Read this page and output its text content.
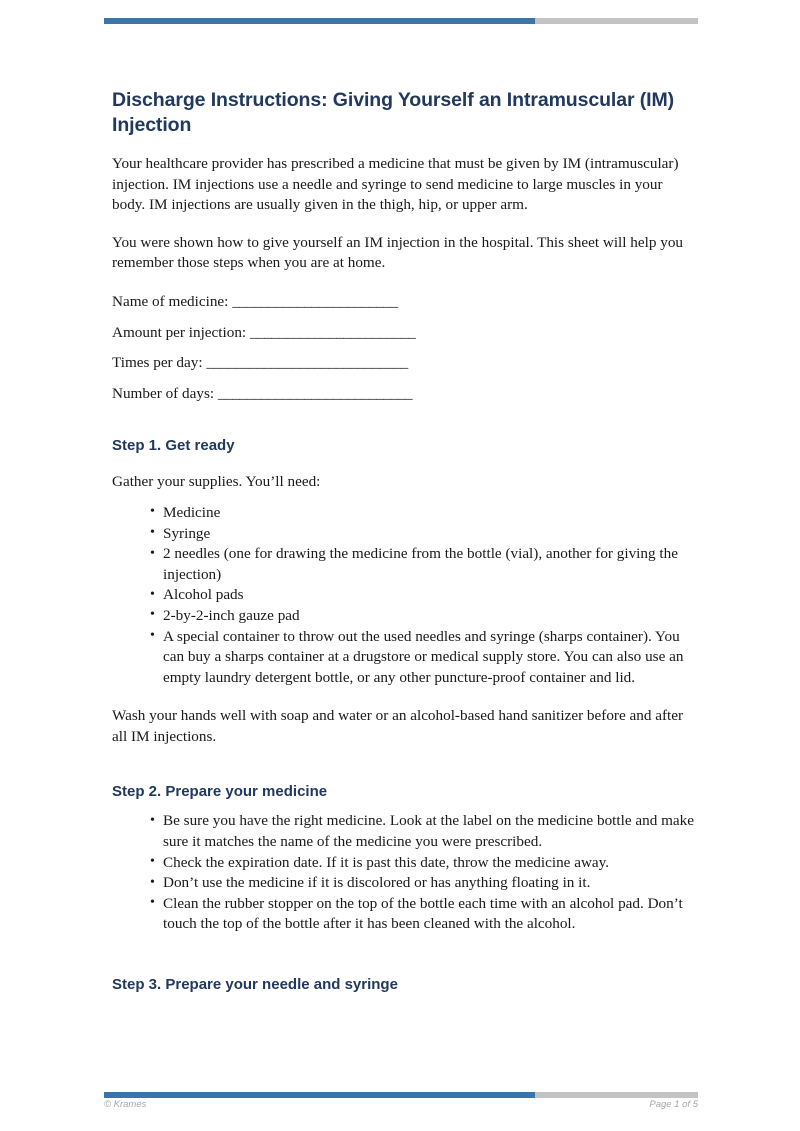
Discharge Instructions: Giving Yourself an Intramuscular (IM) Injection

Your healthcare provider has prescribed a medicine that must be given by IM (intramuscular) injection. IM injections use a needle and syringe to send medicine to large muscles in your body. IM injections are usually given in the thigh, hip, or upper arm.

You were shown how to give yourself an IM injection in the hospital. This sheet will help you remember those steps when you are at home.

Name of medicine: _______________________
Amount per injection: _______________________
Times per day: ____________________________
Number of days: ___________________________
Step 1. Get ready

Gather your supplies. You’ll need:

• Medicine
• Syringe
• 2 needles (one for drawing the medicine from the bottle (vial), another for giving the injection)
• Alcohol pads
• 2-by-2-inch gauze pad
• A special container to throw out the used needles and syringe (sharps container). You can buy a sharps container at a drugstore or medical supply store. You can also use an empty laundry detergent bottle, or any other puncture-proof container and lid.

Wash your hands well with soap and water or an alcohol-based hand sanitizer before and after all IM injections.

Step 2. Prepare your medicine
• Be sure you have the right medicine. Look at the label on the medicine bottle and make sure it matches the name of the medicine you were prescribed.
• Check the expiration date. If it is past this date, throw the medicine away.
• Don’t use the medicine if it is discolored or has anything floating in it.
• Clean the rubber stopper on the top of the bottle each time with an alcohol pad. Don’t touch the top of the bottle after it has been cleaned with the alcohol.
Step 3. Prepare your needle and syringe
© Krames	Page 1 of 5
